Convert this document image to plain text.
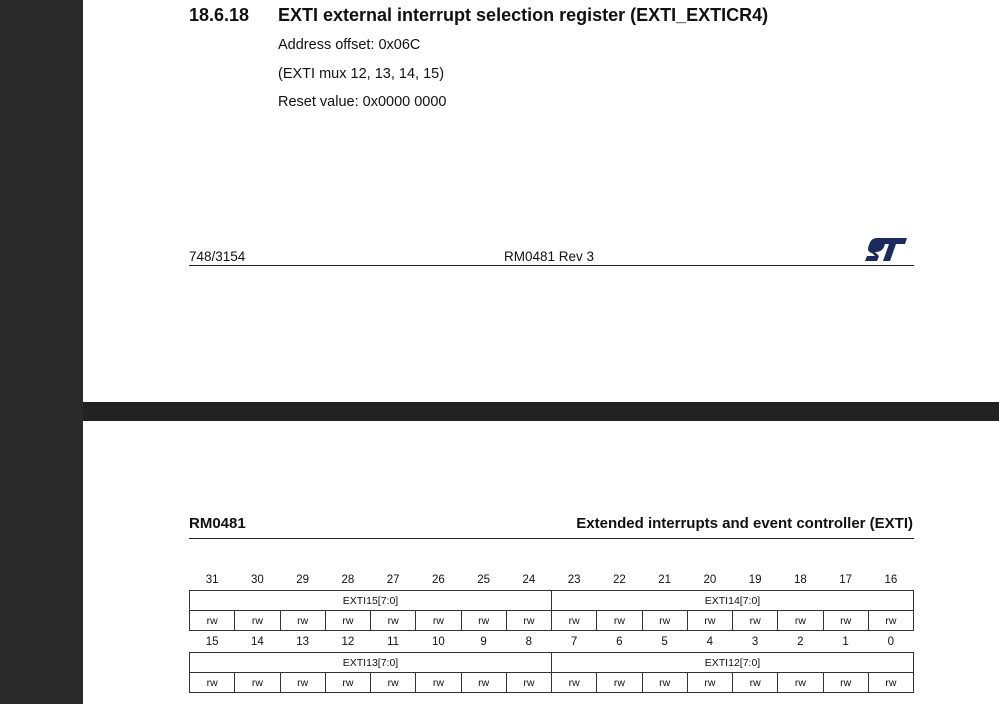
18.6.18 EXTI external interrupt selection register (EXTI_EXTICR4)
Address offset: 0x06C
(EXTI mux 12, 13, 14, 15)
Reset value: 0x0000 0000
748/3154	RM0481 Rev 3
RM0481	Extended interrupts and event controller (EXTI)
31	30	29	28	27	26	25	24	23	22	21	20	19	18	17	16
EXTI15[7:0]								EXTI14[7:0]							
rw	rw	rw	rw	rw	rw	rw	rw	rw	rw	rw	rw	rw	rw	rw	rw
15	14	13	12	11	10	9	8	7	6	5	4	3	2	1	0
EXTI13[7:0]								EXTI12[7:0]							
rw	rw	rw	rw	rw	rw	rw	rw	rw	rw	rw	rw	rw	rw	rw	rw
